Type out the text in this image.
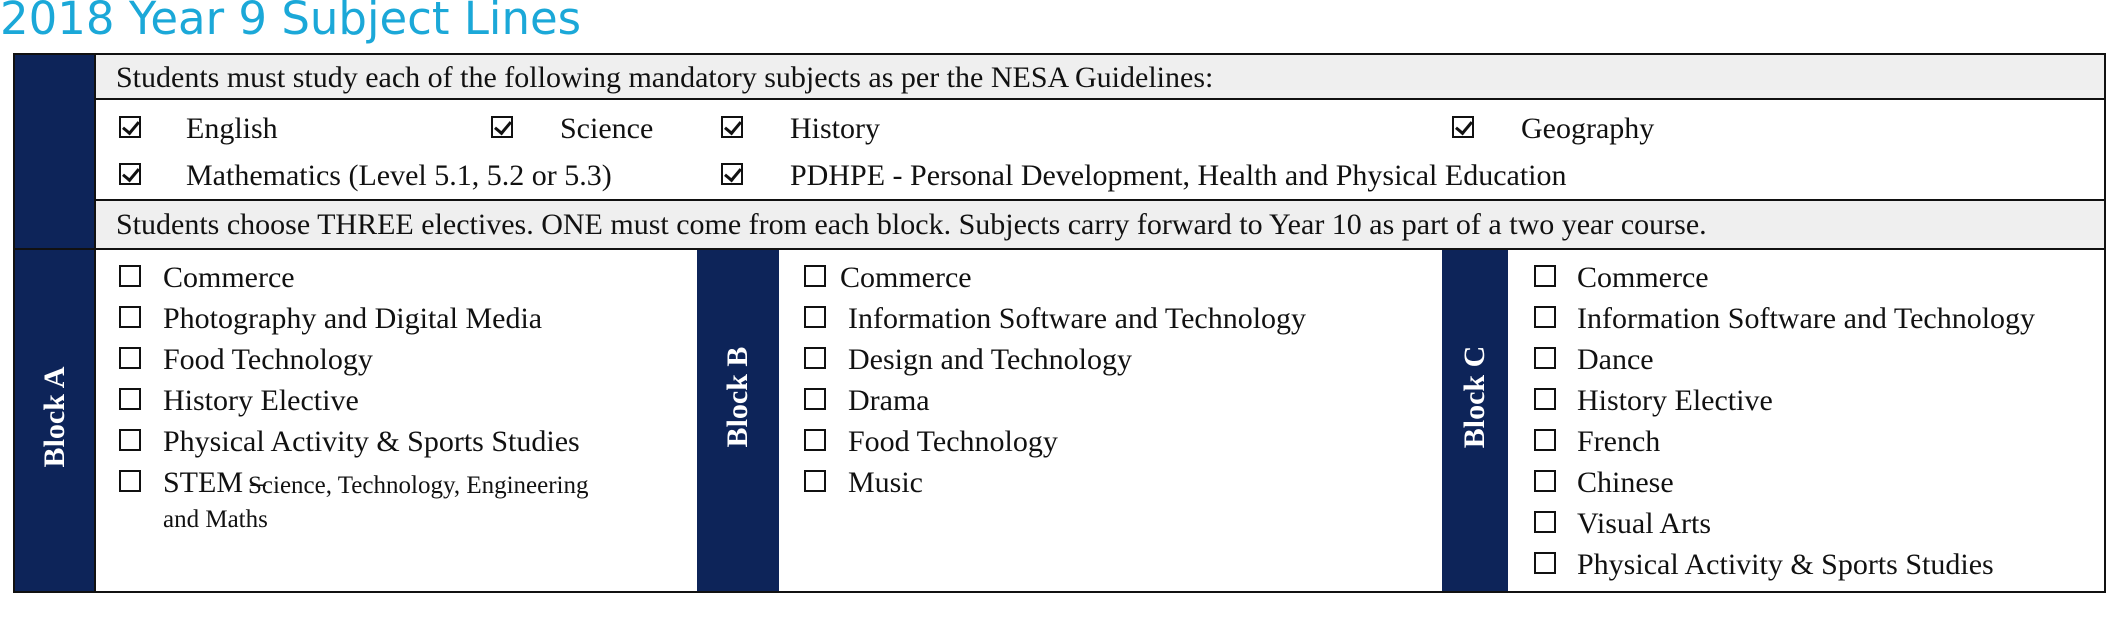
2018 Year 9 Subject Lines
Students must study each of the following mandatory subjects as per the NESA Guidelines:
English	Science	History	Geography
Mathematics (Level 5.1, 5.2 or 5.3)	PDHPE - Personal Development, Health and Physical Education
Students choose THREE electives. ONE must come from each block. Subjects carry forward to Year 10 as part of a two year course.
Block A	Block B	Block C
Commerce
Photography and Digital Media
Food Technology
History Elective
Physical Activity & Sports Studies
STEM –
Science, Technology, Engineering
and Maths
Commerce
Information Software and Technology
Design and Technology
Drama
Food Technology
Music
Commerce
Information Software and Technology
Dance
History Elective
French
Chinese
Visual Arts
Physical Activity & Sports Studies
